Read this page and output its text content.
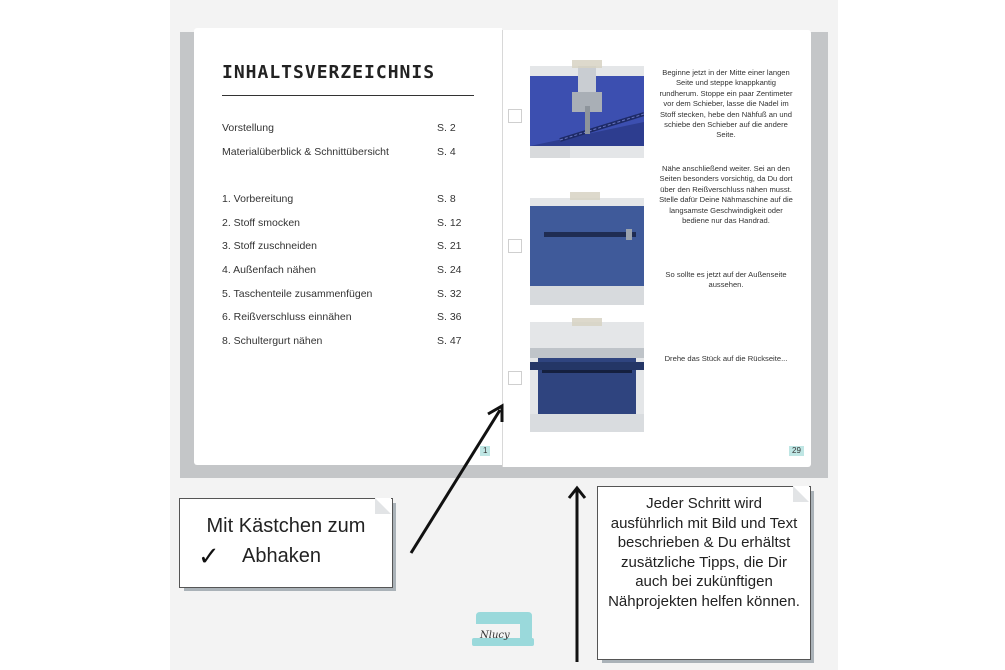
INHALTSVERZEICHNIS
Vorstellung	S. 2
Materialüberblick & Schnittübersicht	S. 4
1. Vorbereitung	S. 8
2. Stoff smocken	S. 12
3. Stoff zuschneiden	S. 21
4. Außenfach nähen	S. 24
5. Taschenteile zusammenfügen	S. 32
6. Reißverschluss einnähen	S. 36
8. Schultergurt nähen	S. 47
1

Beginne jetzt in der Mitte einer langen Seite und steppe knappkantig rundherum. Stoppe ein paar Zentimeter vor dem Schieber, lasse die Nadel im Stoff stecken, hebe den Nähfuß an und schiebe den Schieber auf die andere Seite.

Nähe anschließend weiter. Sei an den Seiten besonders vorsichtig, da Du dort über den Reißverschluss nähen musst. Stelle dafür Deine Nähmaschine auf die langsamste Geschwindigkeit oder bediene nur das Handrad.

So sollte es jetzt auf der Außenseite aussehen.

Drehe das Stück auf die Rückseite...

29
Mit Kästchen zum
✓ Abhaken
Jeder Schritt wird ausführlich mit Bild und Text beschrieben & Du erhältst zusätzliche Tipps, die Dir auch bei zukünftigen Nähprojekten helfen können.
Nlucy
